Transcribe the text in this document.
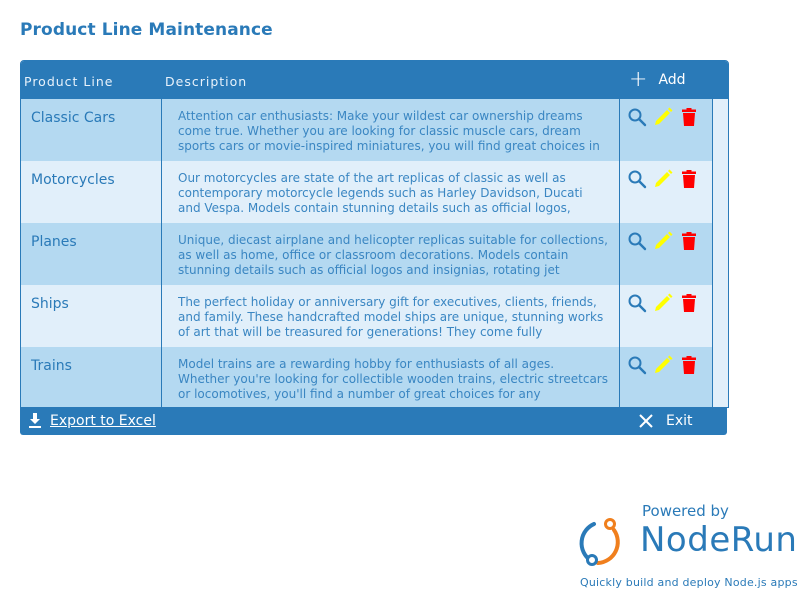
Product Line Maintenance
Product Line	Description	+ Add
Classic Cars	Attention car enthusiasts: Make your wildest car ownership dreams come true. Whether you are looking for classic muscle cars, dream sports cars or movie-inspired miniatures, you will find great choices in
Motorcycles	Our motorcycles are state of the art replicas of classic as well as contemporary motorcycle legends such as Harley Davidson, Ducati and Vespa. Models contain stunning details such as official logos,
Planes	Unique, diecast airplane and helicopter replicas suitable for collections, as well as home, office or classroom decorations. Models contain stunning details such as official logos and insignias, rotating jet
Ships	The perfect holiday or anniversary gift for executives, clients, friends, and family. These handcrafted model ships are unique, stunning works of art that will be treasured for generations! They come fully
Trains	Model trains are a rewarding hobby for enthusiasts of all ages. Whether you're looking for collectible wooden trains, electric streetcars or locomotives, you'll find a number of great choices for any
Export to Excel	Exit
Powered by
NodeRun
Quickly build and deploy Node.js apps
